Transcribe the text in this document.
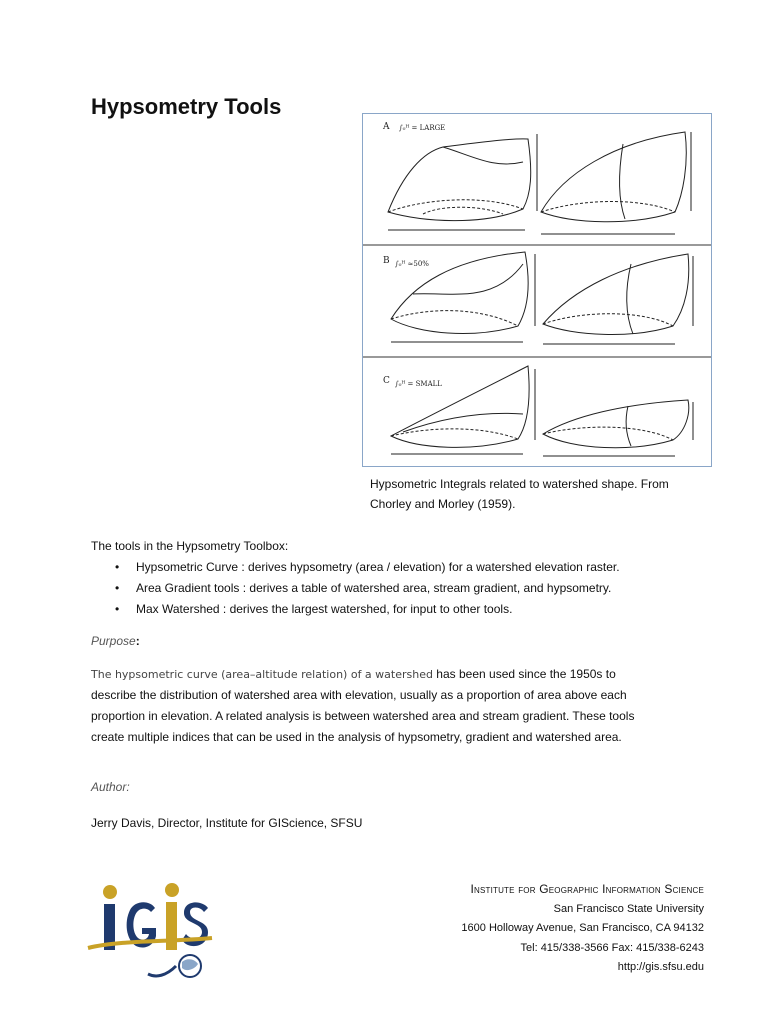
Hypsometry Tools
A ∫₀ᴴ = LARGE
B ∫₀ᴴ ≈50%
C ∫₀ᴴ = SMALL
Hypsometric Integrals related to watershed shape. From Chorley and Morley (1959).
The tools in the Hypsometry Toolbox:
• Hypsometric Curve : derives hypsometry (area / elevation) for a watershed elevation raster.
• Area Gradient tools : derives a table of watershed area, stream gradient, and hypsometry.
• Max Watershed : derives the largest watershed, for input to other tools.
Purpose:

The hypsometric curve (area–altitude relation) of a watershed has been used since the 1950s to describe the distribution of watershed area with elevation, usually as a proportion of area above each proportion in elevation. A related analysis is between watershed area and stream gradient. These tools create multiple indices that can be used in the analysis of hypsometry, gradient and watershed area.

Author:
Jerry Davis, Director, Institute for GIScience, SFSU
Institute for Geographic Information Science
San Francisco State University
1600 Holloway Avenue, San Francisco, CA 94132
Tel: 415/338-3566 Fax: 415/338-6243
http://gis.sfsu.edu
